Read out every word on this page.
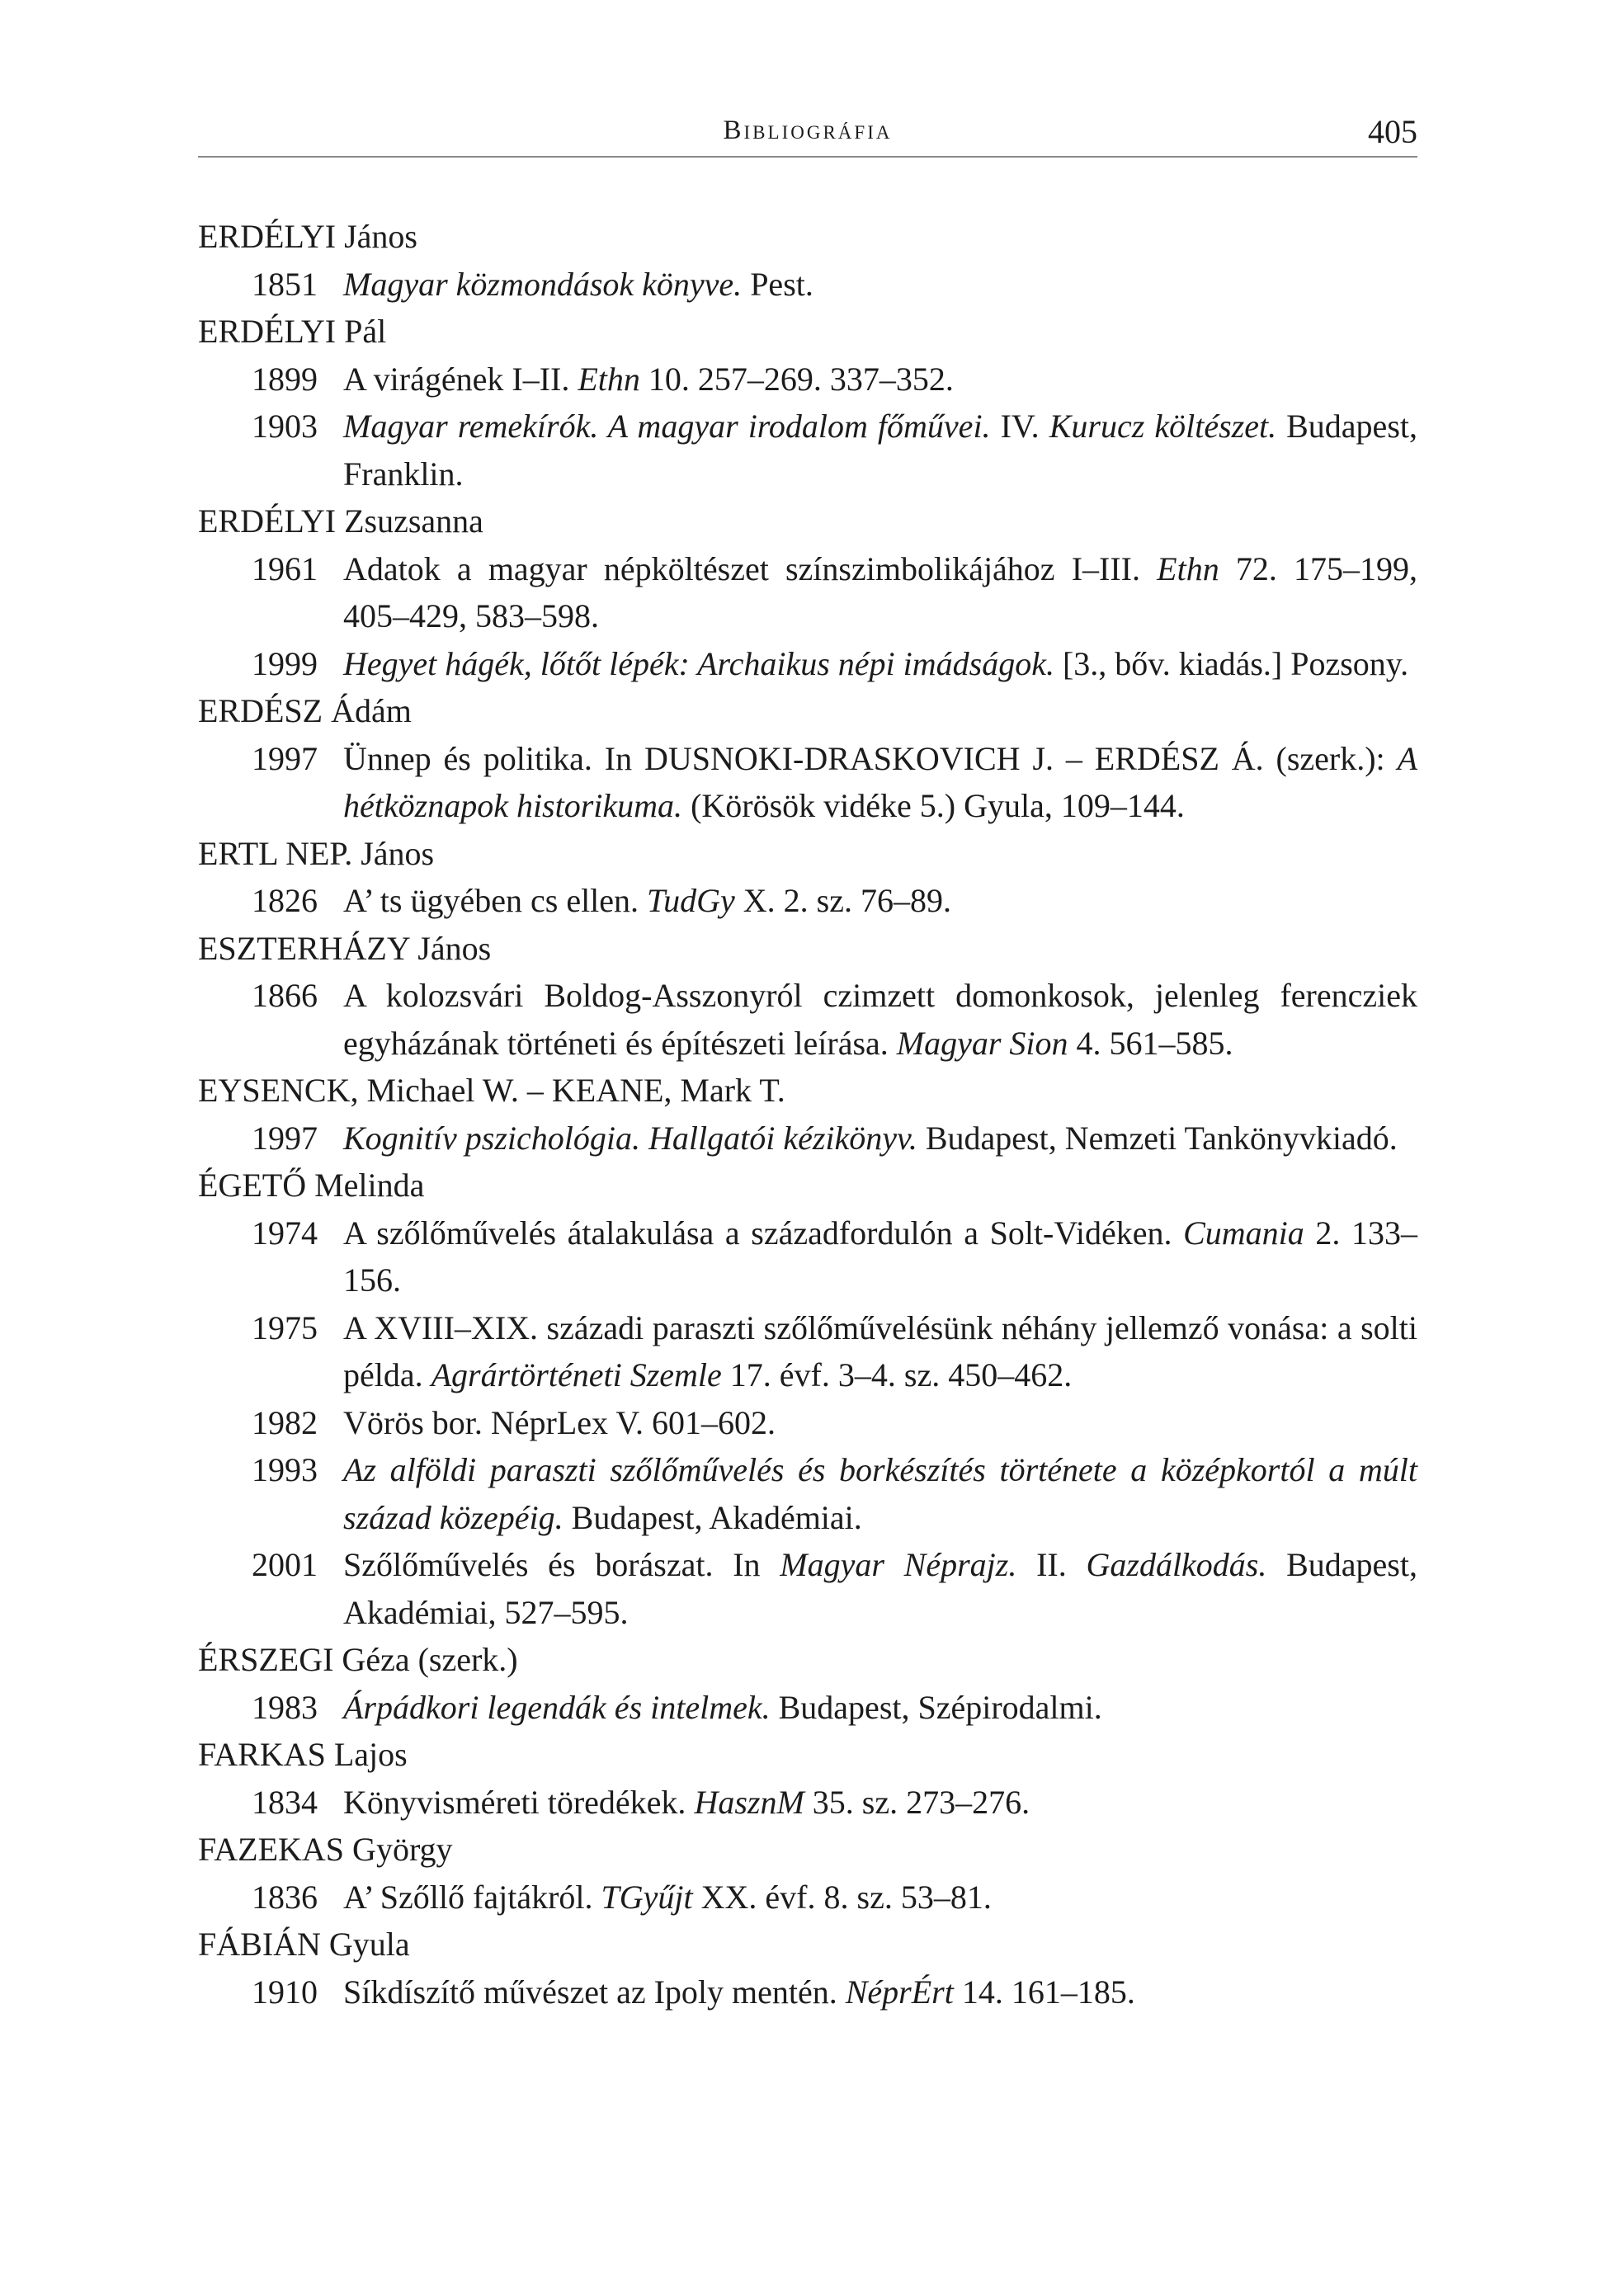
Bibliográfia	405
ERDÉLYI János
1851 Magyar közmondások könyve. Pest.
ERDÉLYI Pál
1899 A virágének I–II. Ethn 10. 257–269. 337–352.
1903 Magyar remekírók. A magyar irodalom főművei. IV. Kurucz költészet. Budapest, Franklin.
ERDÉLYI Zsuzsanna
1961 Adatok a magyar népköltészet színszimbolikájához I–III. Ethn 72. 175–199, 405–429, 583–598.
1999 Hegyet hágék, lőtőt lépék: Archaikus népi imádságok. [3., bőv. kiadás.] Pozsony.
ERDÉSZ Ádám
1997 Ünnep és politika. In DUSNOKI-DRASKOVICH J. – ERDÉSZ Á. (szerk.): A hétköznapok historikuma. (Körösök vidéke 5.) Gyula, 109–144.
ERTL NEP. János
1826 A’ ts ügyében cs ellen. TudGy X. 2. sz. 76–89.
ESZTERHÁZY János
1866 A kolozsvári Boldog-Asszonyról czimzett domonkosok, jelenleg ferencziek egyházának történeti és építészeti leírása. Magyar Sion 4. 561–585.
EYSENCK, Michael W. – KEANE, Mark T.
1997 Kognitív pszichológia. Hallgatói kézikönyv. Budapest, Nemzeti Tankönyvkiadó.
ÉGETŐ Melinda
1974 A szőlőművelés átalakulása a századfordulón a Solt-Vidéken. Cumania 2. 133–156.
1975 A XVIII–XIX. századi paraszti szőlőművelésünk néhány jellemző vonása: a solti példa. Agrártörténeti Szemle 17. évf. 3–4. sz. 450–462.
1982 Vörös bor. NéprLex V. 601–602.
1993 Az alföldi paraszti szőlőművelés és borkészítés története a középkortól a múlt század közepéig. Budapest, Akadémiai.
2001 Szőlőművelés és borászat. In Magyar Néprajz. II. Gazdálkodás. Budapest, Akadémiai, 527–595.
ÉRSZEGI Géza (szerk.)
1983 Árpádkori legendák és intelmek. Budapest, Szépirodalmi.
FARKAS Lajos
1834 Könyvisméreti töredékek. HasznM 35. sz. 273–276.
FAZEKAS György
1836 A’ Szőllő fajtákról. TGyűjt XX. évf. 8. sz. 53–81.
FÁBIÁN Gyula
1910 Síkdíszítő művészet az Ipoly mentén. NéprÉrt 14. 161–185.
